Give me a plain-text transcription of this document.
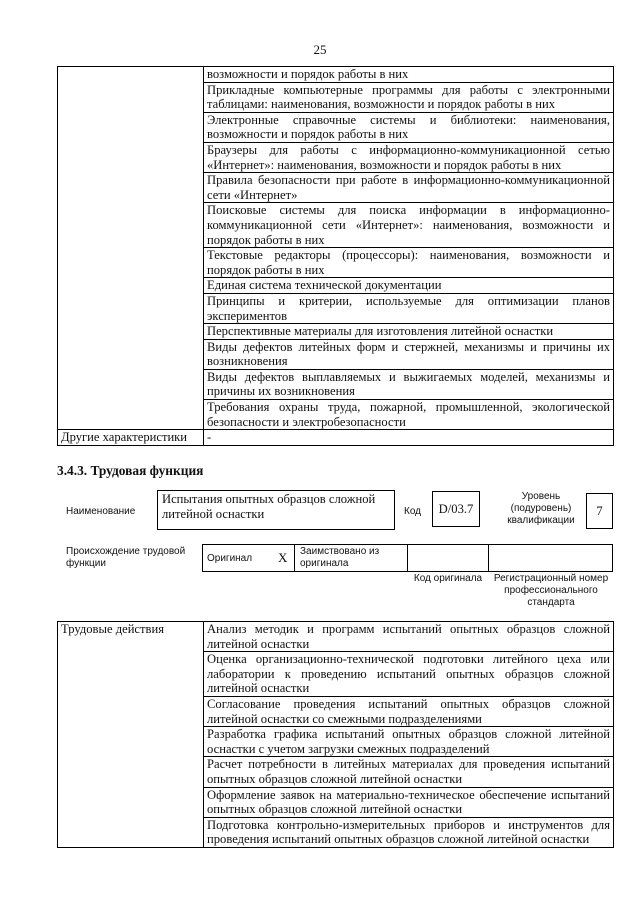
25
	возможности и порядок работы в них
	Прикладные компьютерные программы для работы с электронными таблицами: наименования, возможности и порядок работы в них
	Электронные справочные системы и библиотеки: наименования, возможности и порядок работы в них
	Браузеры для работы с информационно-коммуникационной сетью «Интернет»: наименования, возможности и порядок работы в них
	Правила безопасности при работе в информационно-коммуникационной сети «Интернет»
	Поисковые системы для поиска информации в информационно-коммуникационной сети «Интернет»: наименования, возможности и порядок работы в них
	Текстовые редакторы (процессоры): наименования, возможности и порядок работы в них
	Единая система технической документации
	Принципы и критерии, используемые для оптимизации планов экспериментов
	Перспективные материалы для изготовления литейной оснастки
	Виды дефектов литейных форм и стержней, механизмы и причины их возникновения
	Виды дефектов выплавляемых и выжигаемых моделей, механизмы и причины их возникновения
	Требования охраны труда, пожарной, промышленной, экологической безопасности и электробезопасности
Другие характеристики	-
3.4.3. Трудовая функция
Наименование
Испытания опытных образцов сложной литейной оснастки	Код	D/03.7
Уровень (подуровень) квалификации
7
Происхождение трудовой функции	Оригинал X Заимствовано из оригинала
Код оригинала	Регистрационный номер профессионального стандарта
Трудовые действия	Анализ методик и программ испытаний опытных образцов сложной литейной оснастки
Оценка организационно-технической подготовки литейного цеха или лаборатории к проведению испытаний опытных образцов сложной литейной оснастки
Согласование проведения испытаний опытных образцов сложной литейной оснастки со смежными подразделениями
Разработка графика испытаний опытных образцов сложной литейной оснастки с учетом загрузки смежных подразделений
Расчет потребности в литейных материалах для проведения испытаний опытных образцов сложной литейной оснастки
Оформление заявок на материально-техническое обеспечение испытаний опытных образцов сложной литейной оснастки
Подготовка контрольно-измерительных приборов и инструментов для проведения испытаний опытных образцов сложной литейной оснастки
